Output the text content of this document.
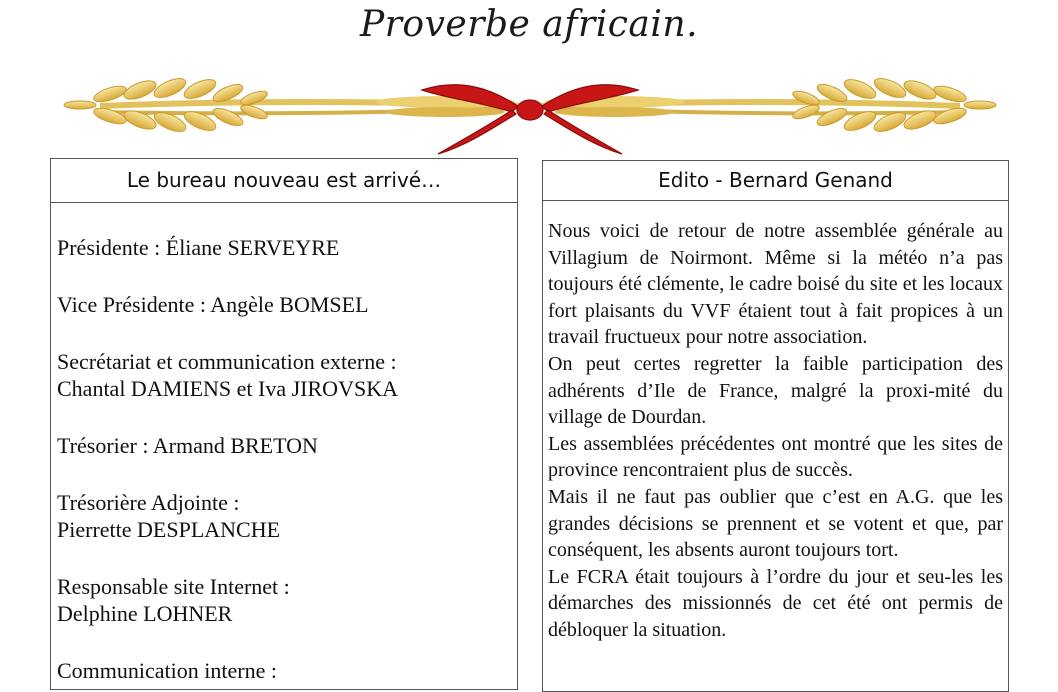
Proverbe africain.
Le bureau nouveau est arrivé…
Présidente : Éliane SERVEYRE
Vice Présidente : Angèle BOMSEL
Secrétariat et communication externe :
Chantal DAMIENS et Iva JIROVSKA
Trésorier : Armand BRETON
Trésorière Adjointe :
Pierrette DESPLANCHE
Responsable site Internet :
Delphine LOHNER
Communication interne :
Edito - Bernard Genand

Nous voici de retour de notre assemblée générale au Villagium de Noirmont. Même si la météo n’a pas toujours été clémente, le cadre boisé du site et les locaux fort plaisants du VVF étaient tout à fait propices à un travail fructueux pour notre association.

On peut certes regretter la faible participation des adhérents d’Ile de France, malgré la proxi-mité du village de Dourdan.

Les assemblées précédentes ont montré que les sites de province rencontraient plus de succès.

Mais il ne faut pas oublier que c’est en A.G. que les grandes décisions se prennent et se votent et que, par conséquent, les absents auront toujours tort.

Le FCRA était toujours à l’ordre du jour et seu-les les démarches des missionnés de cet été ont permis de débloquer la situation.
